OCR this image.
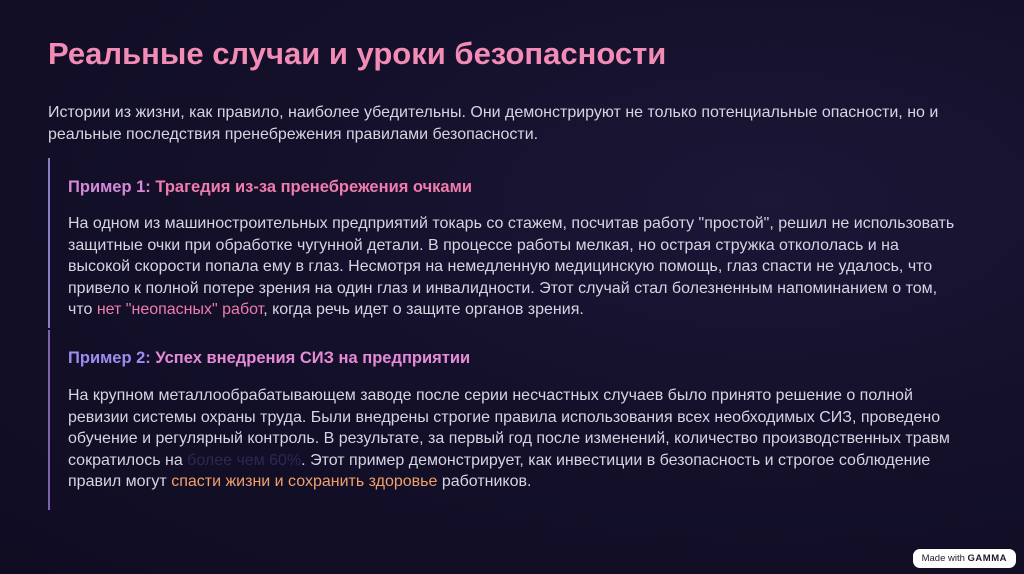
Реальные случаи и уроки безопасности

Истории из жизни, как правило, наиболее убедительны. Они демонстрируют не только потенциальные опасности, но и реальные последствия пренебрежения правилами безопасности.

Пример 1: Трагедия из-за пренебрежения очками

На одном из машиностроительных предприятий токарь со стажем, посчитав работу "простой", решил не использовать защитные очки при обработке чугунной детали. В процессе работы мелкая, но острая стружка откололась и на высокой скорости попала ему в глаз. Несмотря на немедленную медицинскую помощь, глаз спасти не удалось, что привело к полной потере зрения на один глаз и инвалидности. Этот случай стал болезненным напоминанием о том, что нет "неопасных" работ, когда речь идет о защите органов зрения.

Пример 2: Успех внедрения СИЗ на предприятии

На крупном металлообрабатывающем заводе после серии несчастных случаев было принято решение о полной ревизии системы охраны труда. Были внедрены строгие правила использования всех необходимых СИЗ, проведено обучение и регулярный контроль. В результате, за первый год после изменений, количество производственных травм сократилось на более чем 60%. Этот пример демонстрирует, как инвестиции в безопасность и строгое соблюдение правил могут спасти жизни и сохранить здоровье работников.

Made with GAMMA
